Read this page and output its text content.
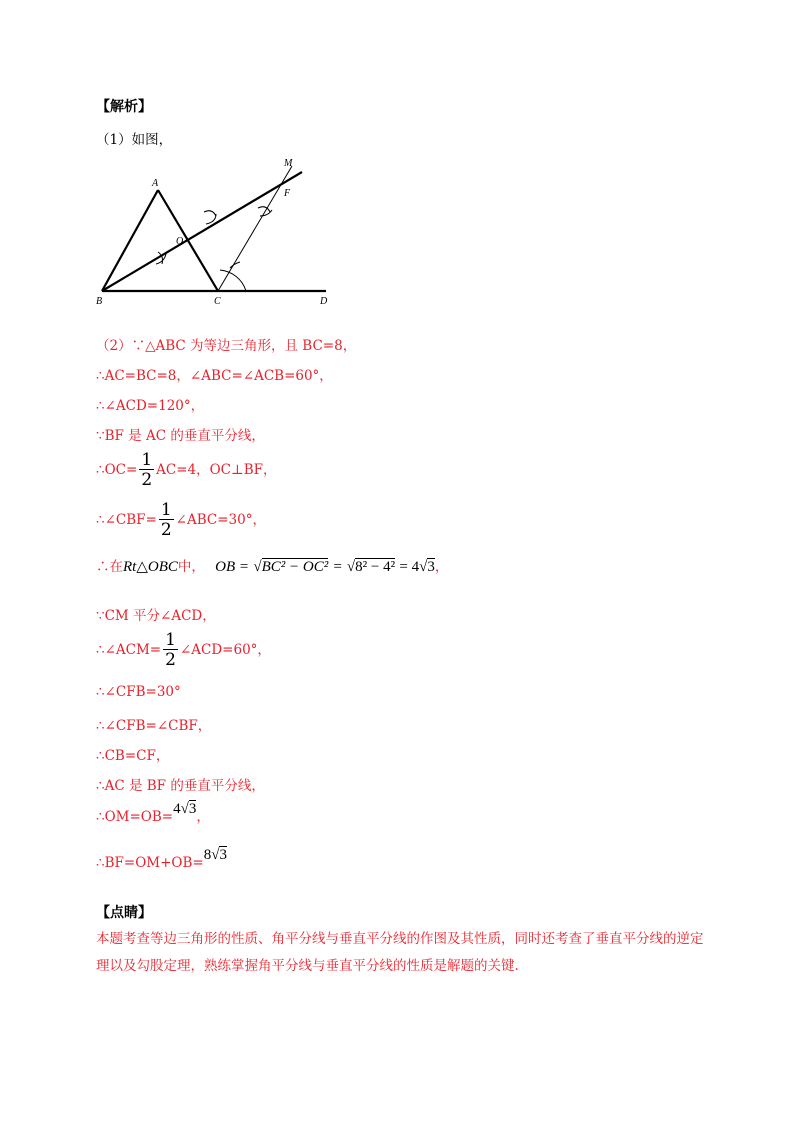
【解析】
（1）如图，
A
B	C	D
M
F
O
（2）∵△ABC 为等边三角形，且 BC=8，
∴AC=BC=8，∠ABC=∠ACB=60°，
∴∠ACD=120°，
∵BF 是 AC 的垂直平分线，
∴OC= $\frac{1}{2} AC=4$，OC⊥BF，
∴∠CBF= $\frac{1}{2}$ ∠ABC=30°，
∴在Rt△OBC中， OB = √BC² − OC² = √8² − 4² = 4√3，
∵CM 平分∠ACD，
∴∠ACM= $\frac{1}{2}$ ∠ACD=60°，
∴∠CFB=30°
∴∠CFB=∠CBF，
∴CB=CF，
∴AC 是 BF 的垂直平分线，
∴OM=OB=4√3，
∴BF=OM+OB=8√3
【点睛】
本题考查等边三角形的性质、角平分线与垂直平分线的作图及其性质，同时还考查了垂直平分线的逆定理以及勾股定理，熟练掌握角平分线与垂直平分线的性质是解题的关键.
